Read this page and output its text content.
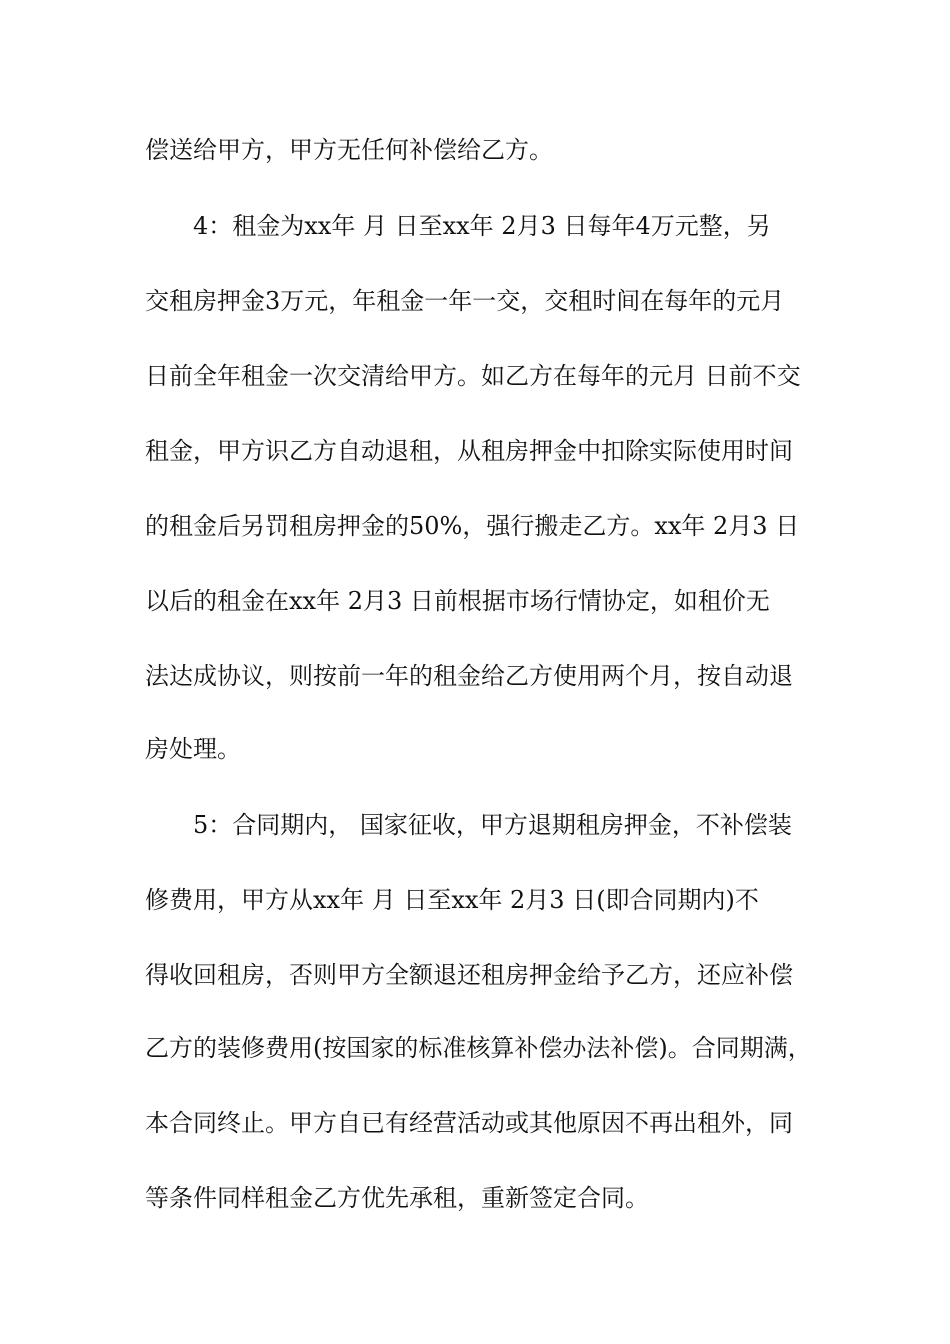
偿送给甲方，甲方无任何补偿给乙方。
4：租金为xx年 月 日至xx年 2月3 日每年4万元整，另
交租房押金3万元，年租金一年一交，交租时间在每年的元月
日前全年租金一次交清给甲方。如乙方在每年的元月 日前不交
租金，甲方识乙方自动退租，从租房押金中扣除实际使用时间
的租金后另罚租房押金的50%，强行搬走乙方。xx年 2月3 日
以后的租金在xx年 2月3 日前根据市场行情协定，如租价无
法达成协议，则按前一年的租金给乙方使用两个月，按自动退
房处理。
5：合同期内， 国家征收，甲方退期租房押金，不补偿装
修费用，甲方从xx年 月 日至xx年 2月3 日(即合同期内)不
得收回租房，否则甲方全额退还租房押金给予乙方，还应补偿
乙方的装修费用(按国家的标准核算补偿办法补偿)。合同期满，
本合同终止。甲方自已有经营活动或其他原因不再出租外，同
等条件同样租金乙方优先承租，重新签定合同。
